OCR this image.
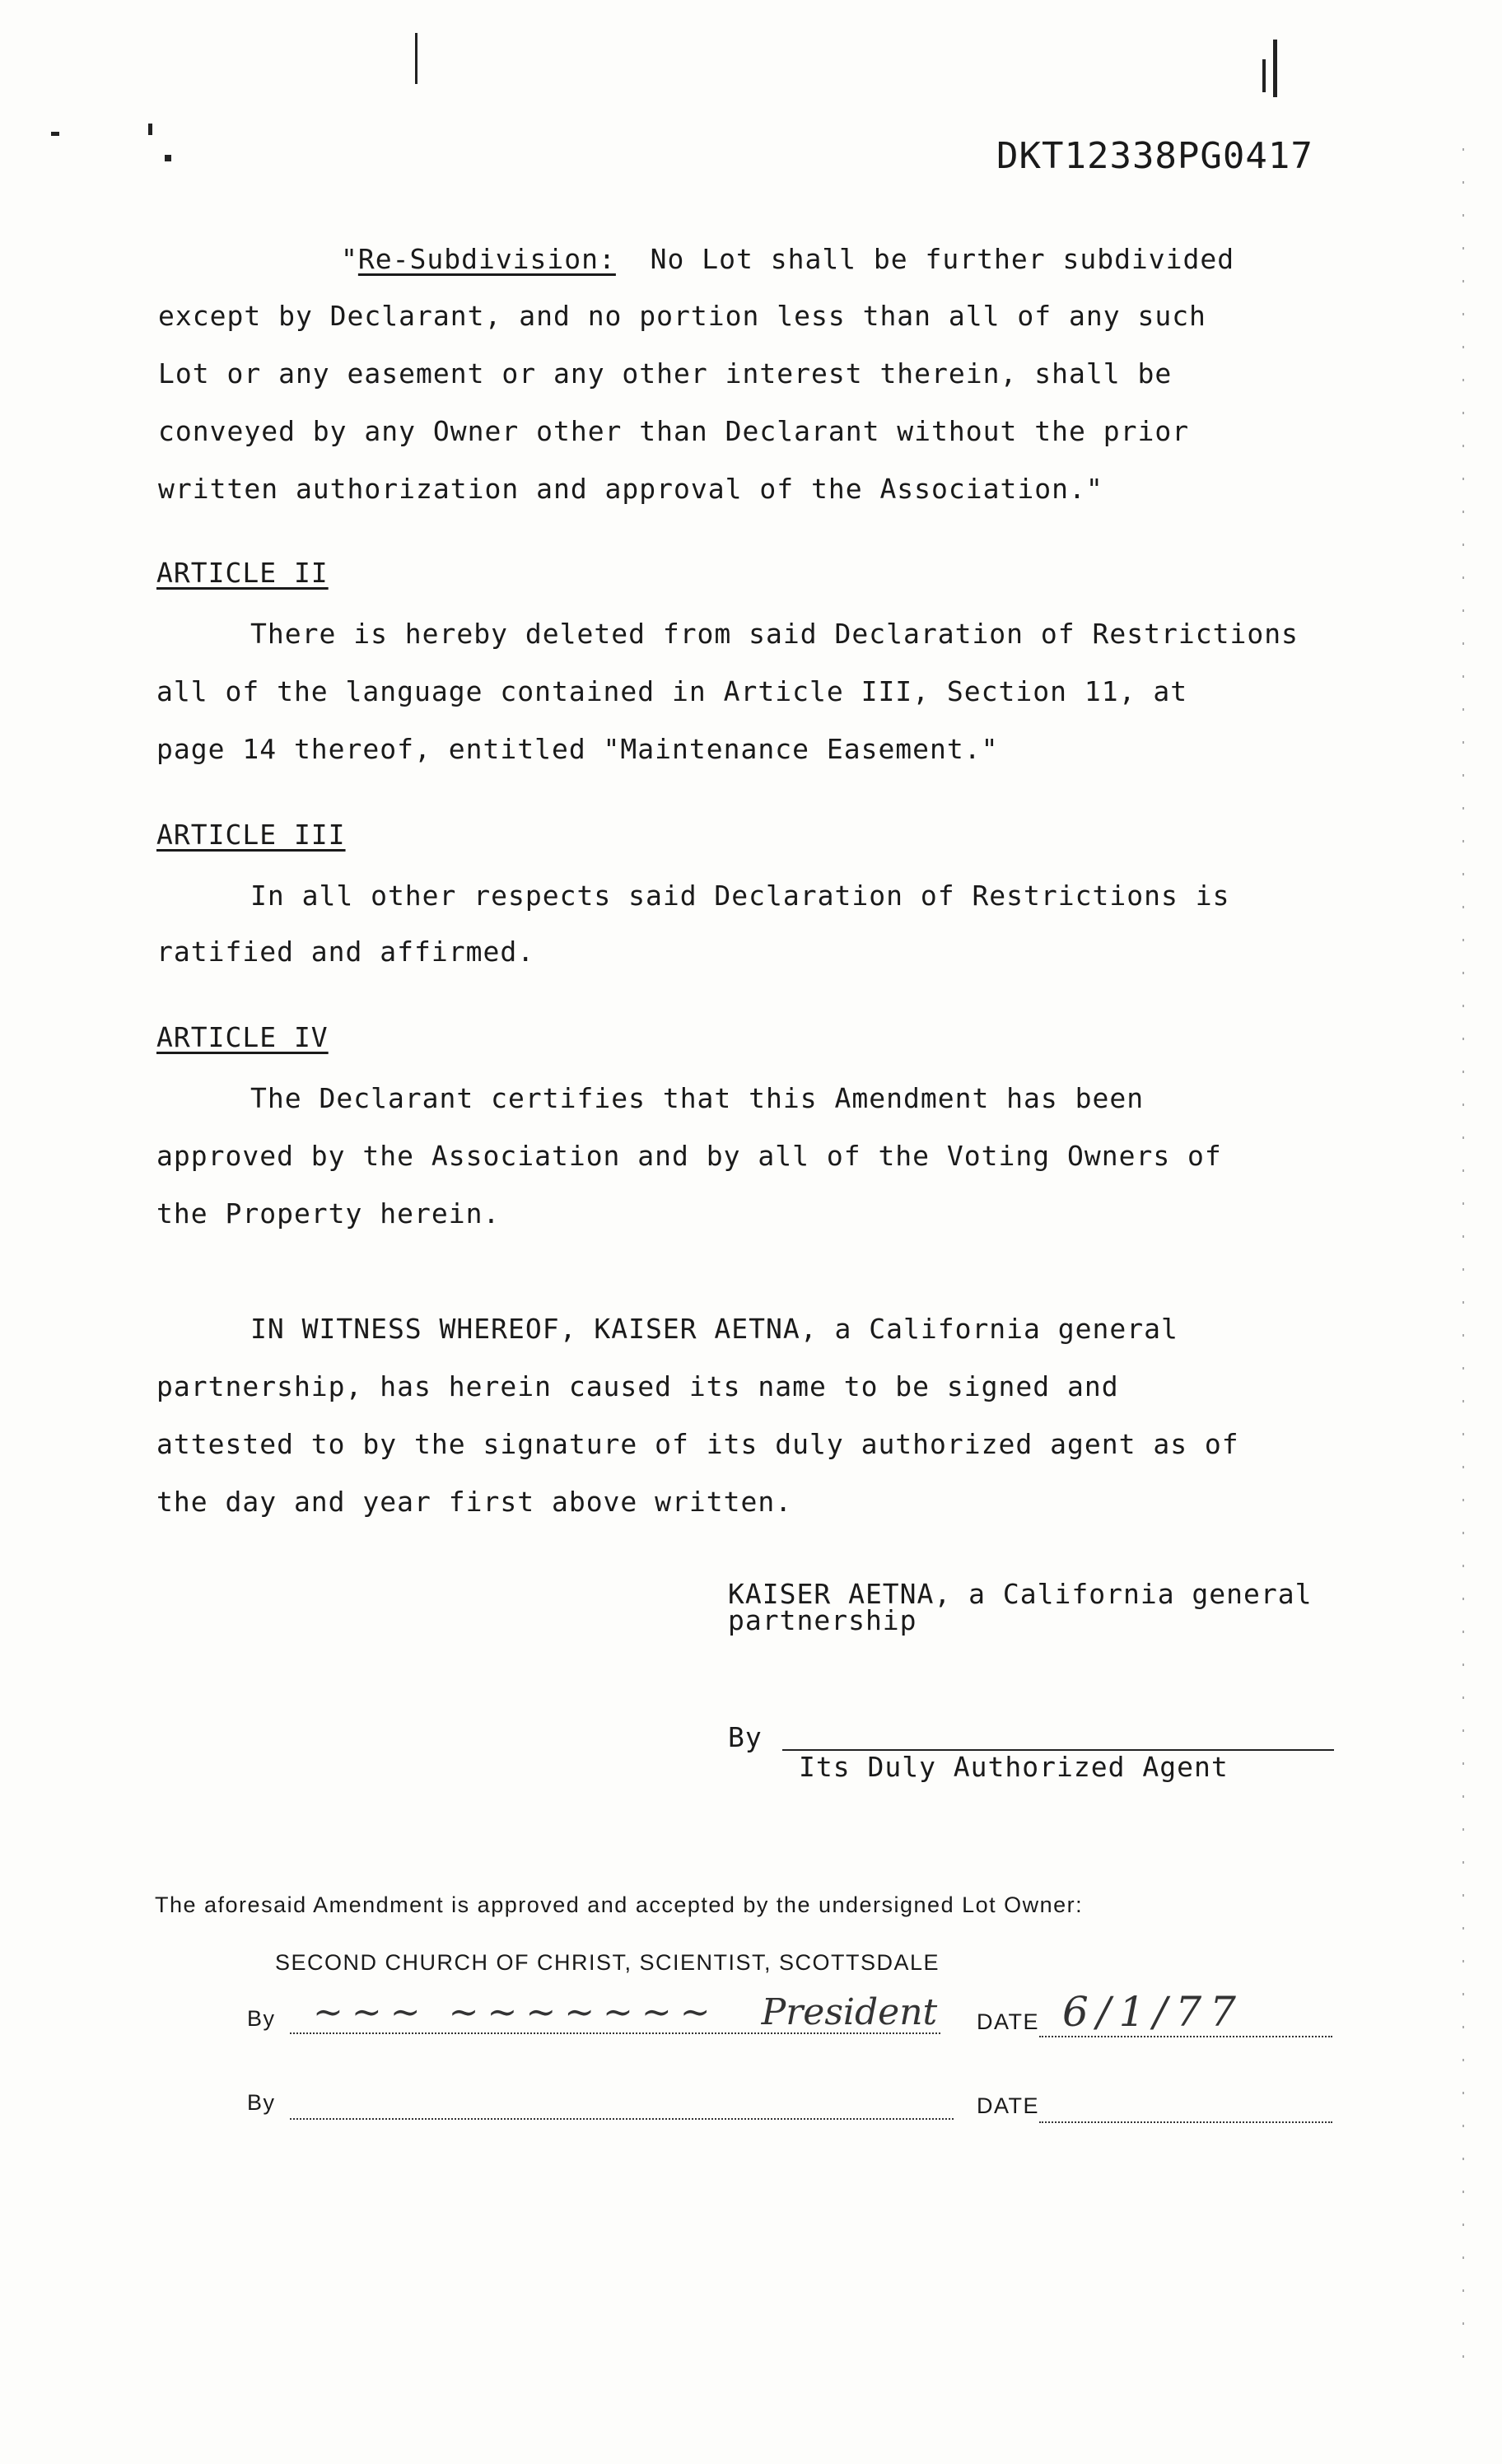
DKT12338PG0417
"Re-Subdivision: No Lot shall be further subdivided
except by Declarant, and no portion less than all of any such
Lot or any easement or any other interest therein, shall be
conveyed by any Owner other than Declarant without the prior
written authorization and approval of the Association."
ARTICLE II
There is hereby deleted from said Declaration of Restrictions
all of the language contained in Article III, Section 11, at
page 14 thereof, entitled "Maintenance Easement."
ARTICLE III
In all other respects said Declaration of Restrictions is
ratified and affirmed.
ARTICLE IV
The Declarant certifies that this Amendment has been
approved by the Association and by all of the Voting Owners of
the Property herein.
IN WITNESS WHEREOF, KAISER AETNA, a California general
partnership, has herein caused its name to be signed and
attested to by the signature of its duly authorized agent as of
the day and year first above written.
KAISER AETNA, a California general
partnership
By
Its Duly Authorized Agent
The aforesaid Amendment is approved and accepted by the undersigned Lot Owner:
SECOND CHURCH OF CHRIST, SCIENTIST, SCOTTSDALE
By ~~~ ~~~~~~~ President DATE 6/1/77
By	DATE
